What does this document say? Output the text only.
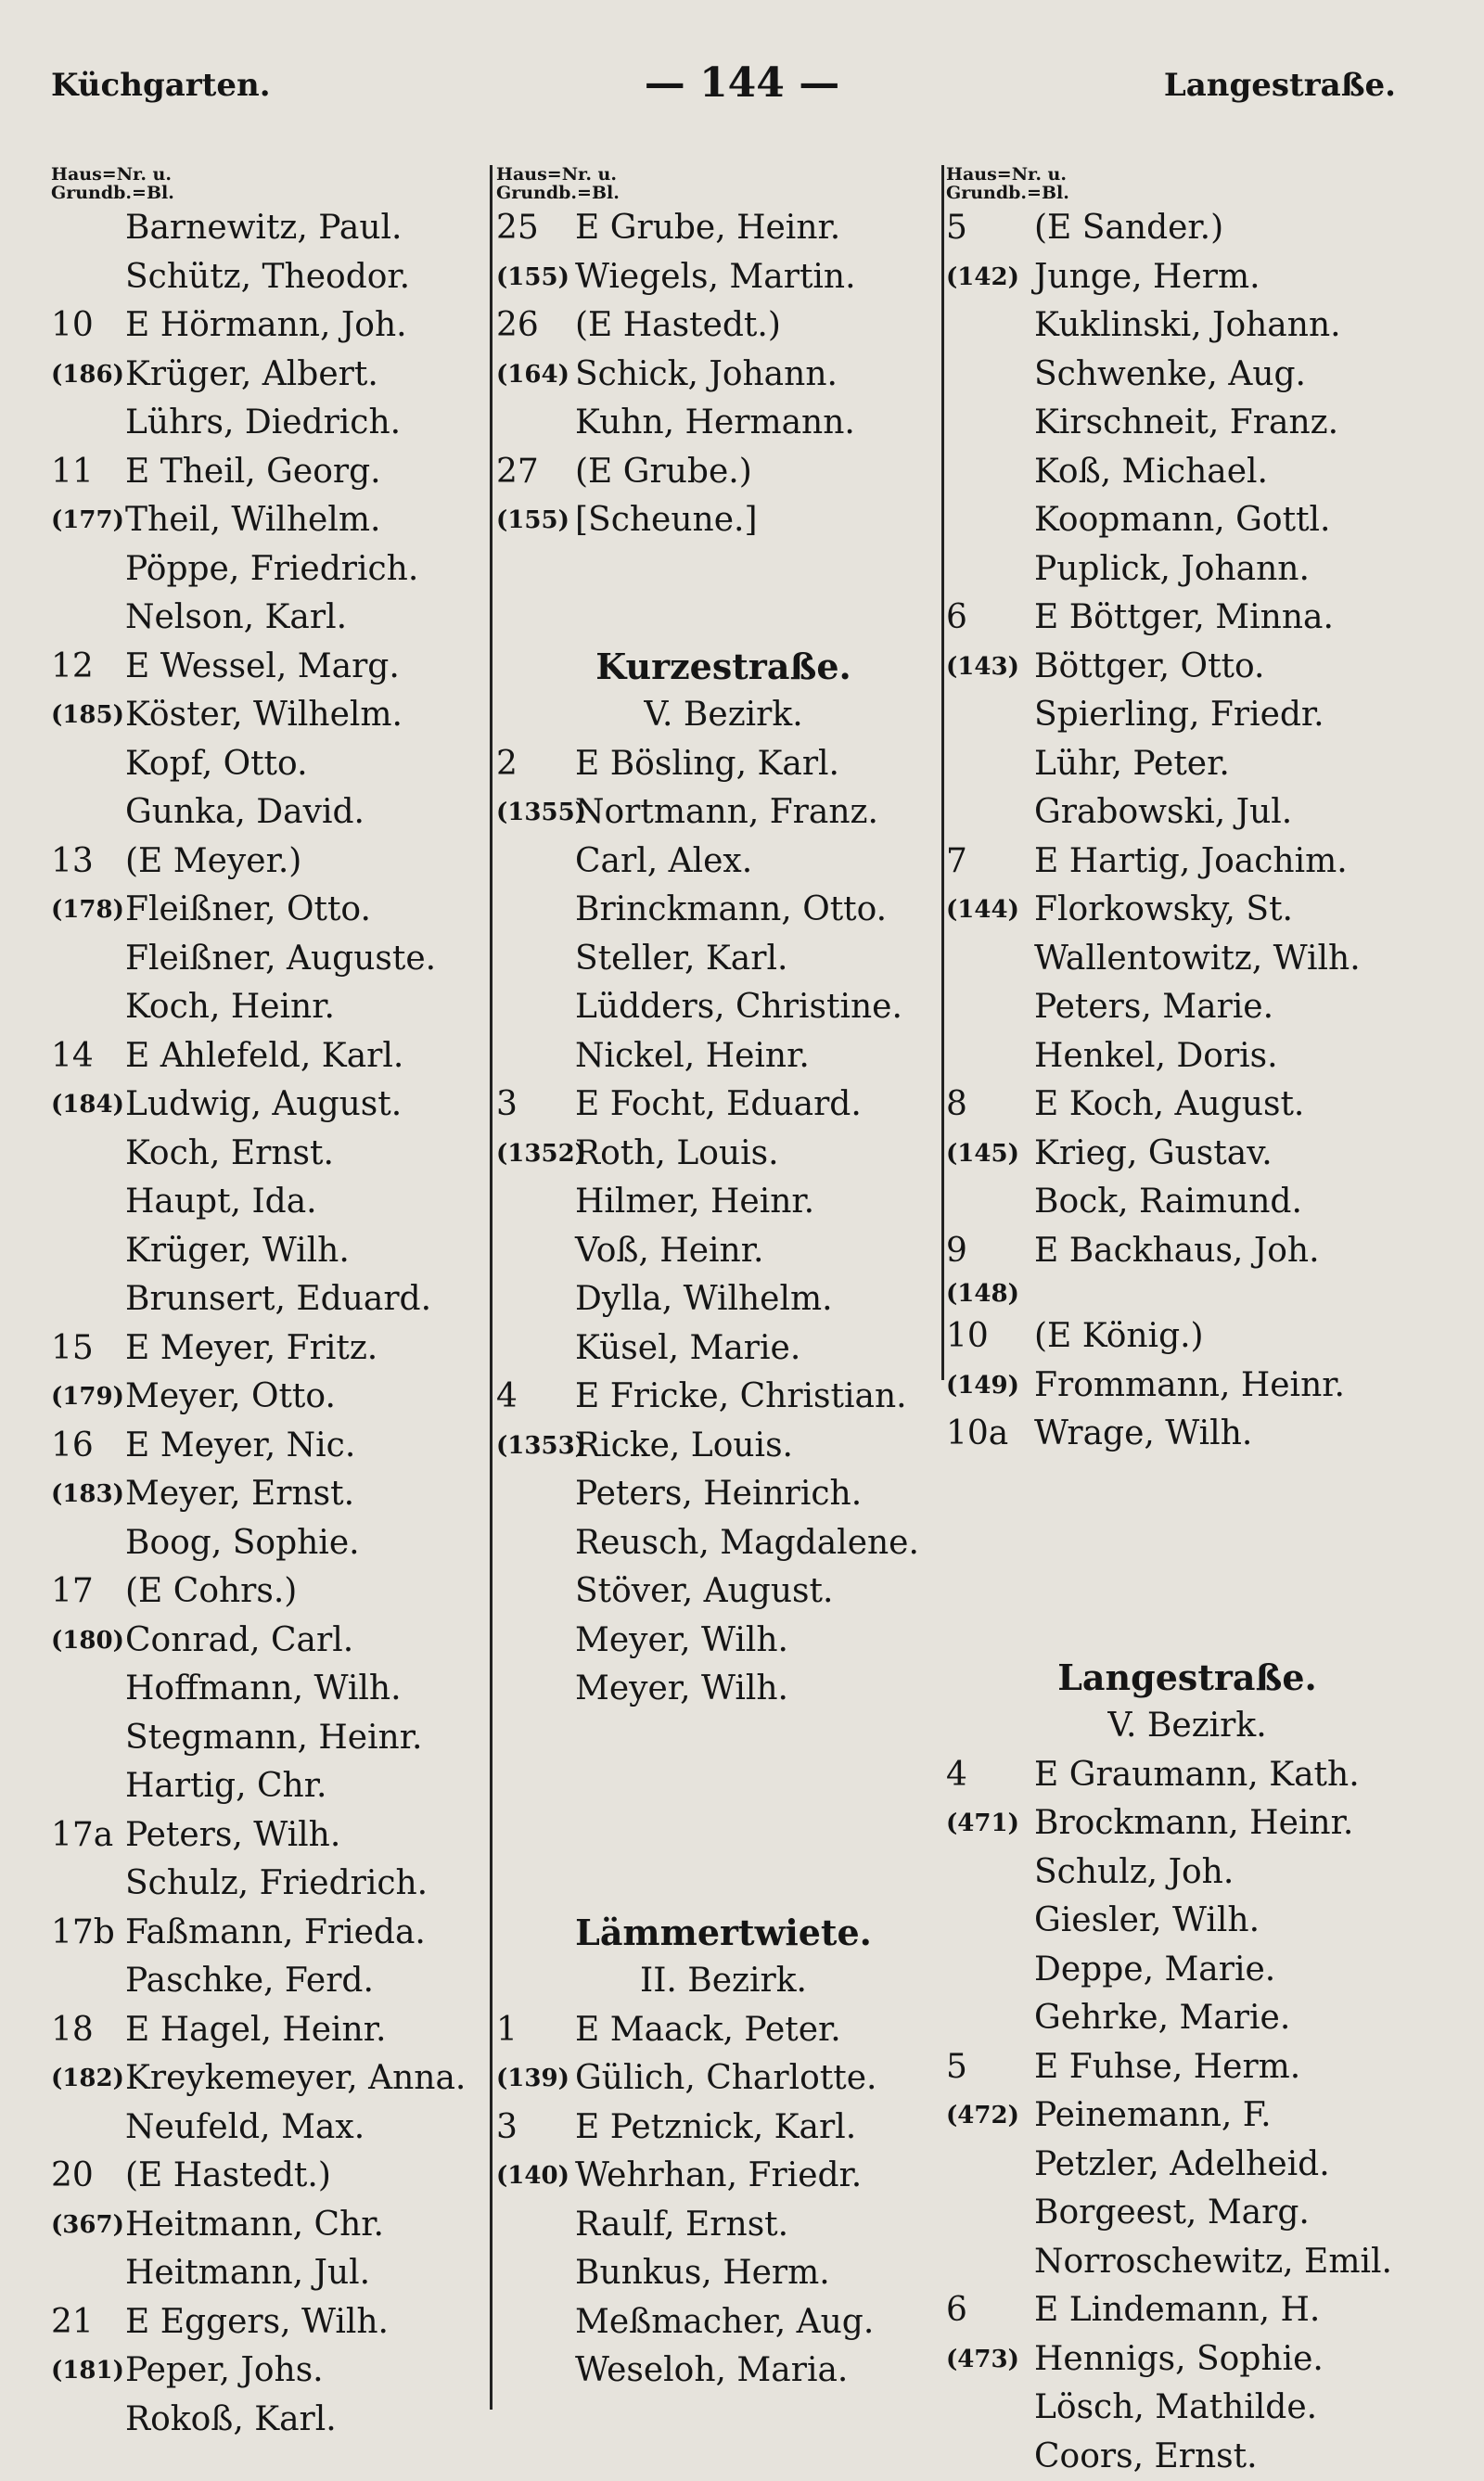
Küchgarten.	— 144 —	Langestraße.
Haus=Nr. u.
Grundb.=Bl.
Barnewitz, Paul.
Schütz, Theodor.
10 E Hörmann, Joh.
(186) Krüger, Albert.
Lührs, Diedrich.
11 E Theil, Georg.
(177) Theil, Wilhelm.
Pöppe, Friedrich.
Nelson, Karl.
12 E Wessel, Marg.
(185) Köster, Wilhelm.
Kopf, Otto.
Gunka, David.
13 (E Meyer.)
(178) Fleißner, Otto.
Fleißner, Auguste.
Koch, Heinr.
14 E Ahlefeld, Karl.
(184) Ludwig, August.
Koch, Ernst.
Haupt, Ida.
Krüger, Wilh.
Brunsert, Eduard.
15 E Meyer, Fritz.
(179) Meyer, Otto.
16 E Meyer, Nic.
(183) Meyer, Ernst.
Boog, Sophie.
17 (E Cohrs.)
(180) Conrad, Carl.
Hoffmann, Wilh.
Stegmann, Heinr.
Hartig, Chr.
17a Peters, Wilh.
Schulz, Friedrich.
17b Faßmann, Frieda.
Paschke, Ferd.
18 E Hagel, Heinr.
(182) Kreykemeyer, Anna.
Neufeld, Max.
20 (E Hastedt.)
(367) Heitmann, Chr.
Heitmann, Jul.
21 E Eggers, Wilh.
(181) Peper, Johs.
Rokoß, Karl.
Haus=Nr. u.
Grundb.=Bl.
25 E Grube, Heinr.
(155) Wiegels, Martin.
26 (E Hastedt.)
(164) Schick, Johann.
Kuhn, Hermann.
27 (E Grube.)
(155) [Scheune.]
Kurzestraße.
V. Bezirk.
2 E Bösling, Karl.
(1355)
Nortmann, Franz.
Carl, Alex.
Brinckmann, Otto.
Steller, Karl.
Lüdders, Christine.
Nickel, Heinr.
3 E Focht, Eduard.
(1352)
Roth, Louis.
Hilmer, Heinr.
Voß, Heinr.
Dylla, Wilhelm.
Küsel, Marie.
4 E Fricke, Christian.
(1353)
Ricke, Louis.
Peters, Heinrich.
Reusch, Magdalene.
Stöver, August.
Meyer, Wilh.
Meyer, Wilh.
Lämmertwiete.
II. Bezirk.
1 E Maack, Peter.
(139) Gülich, Charlotte.
3 E Petznick, Karl.
(140) Wehrhan, Friedr.
Raulf, Ernst.
Bunkus, Herm.
Meßmacher, Aug.
Weseloh, Maria.
Haus=Nr. u.
Grundb.=Bl.
5 (E Sander.)
(142) Junge, Herm.
Kuklinski, Johann.
Schwenke, Aug.
Kirschneit, Franz.
Koß, Michael.
Koopmann, Gottl.
Puplick, Johann.
6 E Böttger, Minna.
(143) Böttger, Otto.
Spierling, Friedr.
Lühr, Peter.
Grabowski, Jul.
7 E Hartig, Joachim.
(144) Florkowsky, St.
Wallentowitz, Wilh.
Peters, Marie.
Henkel, Doris.
8 E Koch, August.
(145) Krieg, Gustav.
Bock, Raimund.
9 E Backhaus, Joh.
(148)
10 (E König.)
(149) Frommann, Heinr.
10a Wrage, Wilh.
Langestraße.
V. Bezirk.
4 E Graumann, Kath.
(471) Brockmann, Heinr.
Schulz, Joh.
Giesler, Wilh.
Deppe, Marie.
Gehrke, Marie.
5 E Fuhse, Herm.
(472) Peinemann, F.
Petzler, Adelheid.
Borgeest, Marg.
Norroschewitz, Emil.
6 E Lindemann, H.
(473) Hennigs, Sophie.
Lösch, Mathilde.
Coors, Ernst.
